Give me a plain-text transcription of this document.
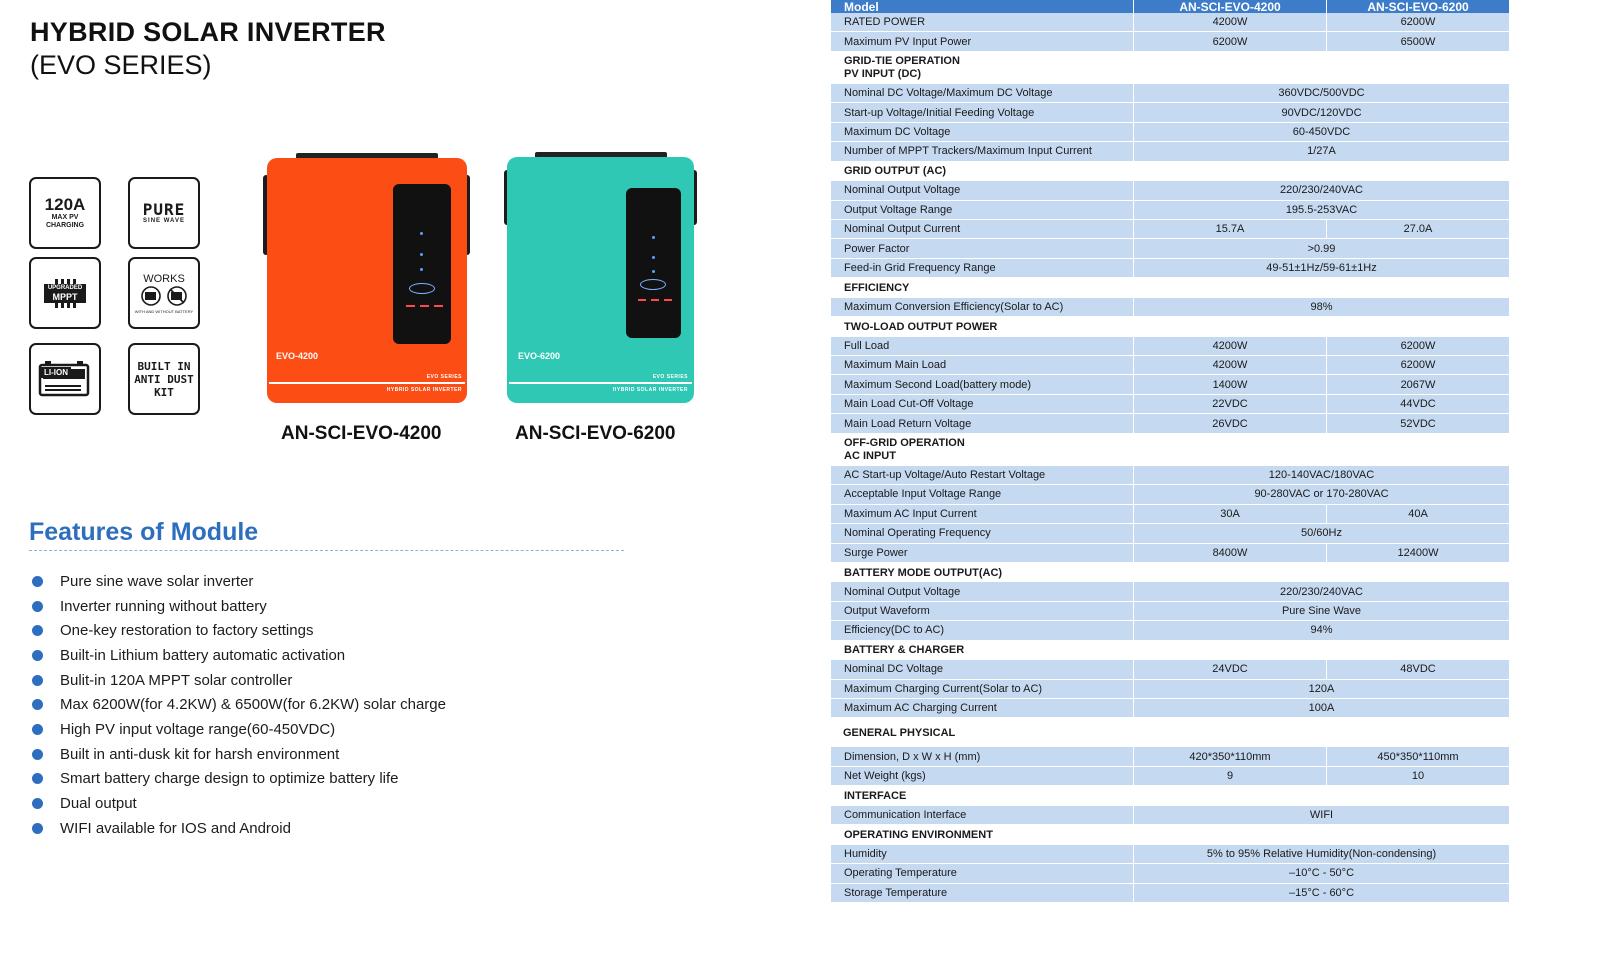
HYBRID SOLAR INVERTER
(EVO SERIES)
120A
MAX PV
CHARGING
PURE
SINE WAVE
UPGRADED
MPPT
WORKS
WITH AND WITHOUT BATTERY
LI-ION	BUILT IN
ANTI DUST
KIT
EVO-4200
EVO SERIES
HYBRID SOLAR INVERTER
AN-SCI-EVO-4200
EVO-6200
EVO SERIES
HYBRID SOLAR INVERTER
AN-SCI-EVO-6200
Features of Module
Pure sine wave solar inverter
Inverter running without battery
One-key restoration to factory settings
Built-in Lithium battery automatic activation
Bulit-in 120A MPPT solar controller
Max 6200W(for 4.2KW) & 6500W(for 6.2KW) solar charge
High PV input voltage range(60-450VDC)
Built in anti-dusk kit for harsh environment
Smart battery charge design to optimize battery life
Dual output
WIFI available for IOS and Android
Model	AN-SCI-EVO-4200	AN-SCI-EVO-6200
RATED POWER	4200W	6200W
Maximum PV Input Power	6200W	6500W
GRID-TIE OPERATION
PV INPUT (DC)
Nominal DC Voltage/Maximum DC Voltage	360VDC/500VDC
Start-up Voltage/Initial Feeding Voltage	90VDC/120VDC
Maximum DC Voltage	60-450VDC
Number of MPPT Trackers/Maximum Input Current	1/27A
GRID OUTPUT (AC)
Nominal Output Voltage	220/230/240VAC
Output Voltage Range	195.5-253VAC
Nominal Output Current	15.7A	27.0A
Power Factor	>0.99
Feed-in Grid Frequency Range	49-51±1Hz/59-61±1Hz
EFFICIENCY
Maximum Conversion Efficiency(Solar to AC)	98%
TWO-LOAD OUTPUT POWER
Full Load	4200W	6200W
Maximum Main Load	4200W	6200W
Maximum Second Load(battery mode)	1400W	2067W
Main Load Cut-Off Voltage	22VDC	44VDC
Main Load Return Voltage	26VDC	52VDC
OFF-GRID OPERATION
AC INPUT
AC Start-up Voltage/Auto Restart Voltage	120-140VAC/180VAC
Acceptable Input Voltage Range	90-280VAC or 170-280VAC
Maximum AC Input Current	30A	40A
Nominal Operating Frequency	50/60Hz
Surge Power	8400W	12400W
BATTERY MODE OUTPUT(AC)
Nominal Output Voltage	220/230/240VAC
Output Waveform	Pure Sine Wave
Efficiency(DC to AC)	94%
BATTERY & CHARGER
Nominal DC Voltage	24VDC	48VDC
Maximum Charging Current(Solar to AC)	120A
Maximum AC Charging Current	100A
GENERAL PHYSICAL
Dimension, D x W x H (mm)	420*350*110mm	450*350*110mm
Net Weight (kgs)	9	10
INTERFACE
Communication Interface	WIFI
OPERATING ENVIRONMENT
Humidity	5% to 95% Relative Humidity(Non-condensing)
Operating Temperature	–10°C - 50°C
Storage Temperature	–15°C - 60°C
